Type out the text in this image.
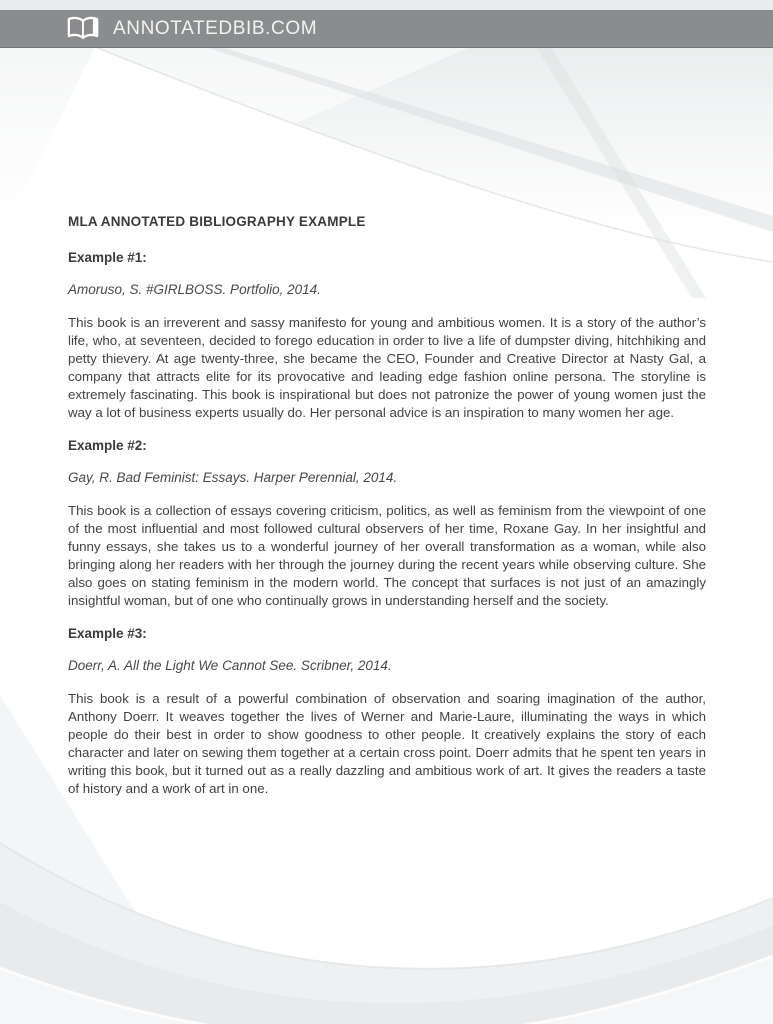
ANNOTATEDBIB.COM
MLA ANNOTATED BIBLIOGRAPHY EXAMPLE
Example #1:

Amoruso, S. #GIRLBOSS. Portfolio, 2014.

This book is an irreverent and sassy manifesto for young and ambitious women. It is a story of the author’s life, who, at seventeen, decided to forego education in order to live a life of dumpster diving, hitchhiking and petty thievery. At age twenty-three, she became the CEO, Founder and Creative Director at Nasty Gal, a company that attracts elite for its provocative and leading edge fashion online persona. The storyline is extremely fascinating. This book is inspirational but does not patronize the power of young women just the way a lot of business experts usually do. Her personal advice is an inspiration to many women her age.

Example #2:

Gay, R. Bad Feminist: Essays. Harper Perennial, 2014.

This book is a collection of essays covering criticism, politics, as well as feminism from the viewpoint of one of the most influential and most followed cultural observers of her time, Roxane Gay. In her insightful and funny essays, she takes us to a wonderful journey of her overall transformation as a woman, while also bringing along her readers with her through the journey during the recent years while observing culture. She also goes on stating feminism in the modern world. The concept that surfaces is not just of an amazingly insightful woman, but of one who continually grows in understanding herself and the society.

Example #3:

Doerr, A. All the Light We Cannot See. Scribner, 2014.

This book is a result of a powerful combination of observation and soaring imagination of the author, Anthony Doerr. It weaves together the lives of Werner and Marie-Laure, illuminating the ways in which people do their best in order to show goodness to other people. It creatively explains the story of each character and later on sewing them together at a certain cross point. Doerr admits that he spent ten years in writing this book, but it turned out as a really dazzling and ambitious work of art. It gives the readers a taste of history and a work of art in one.
